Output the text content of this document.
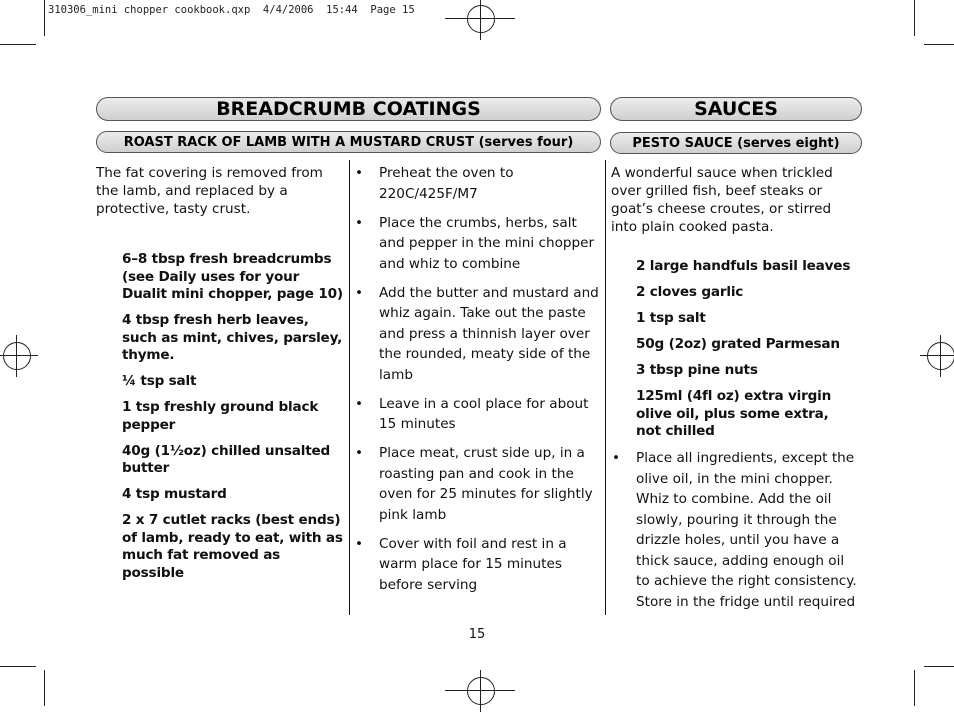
310306_mini chopper cookbook.qxp  4/4/2006  15:44  Page 15
BREADCRUMB COATINGS	SAUCES
ROAST RACK OF LAMB WITH A MUSTARD CRUST (serves four)	PESTO SAUCE (serves eight)
The fat covering is removed from the lamb, and replaced by a protective, tasty crust.
6–8 tbsp fresh breadcrumbs (see Daily uses for your Dualit mini chopper, page 10)
4 tbsp fresh herb leaves, such as mint, chives, parsley, thyme.
¼ tsp salt
1 tsp freshly ground black pepper
40g (1½oz) chilled unsalted butter
4 tsp mustard
2 x 7 cutlet racks (best ends) of lamb, ready to eat, with as much fat removed as possible
• Preheat the oven to 220C/425F/M7
• Place the crumbs, herbs, salt and pepper in the mini chopper and whiz to combine
• Add the butter and mustard and whiz again. Take out the paste and press a thinnish layer over the rounded, meaty side of the lamb
• Leave in a cool place for about 15 minutes
• Place meat, crust side up, in a roasting pan and cook in the oven for 25 minutes for slightly pink lamb
• Cover with foil and rest in a warm place for 15 minutes before serving
A wonderful sauce when trickled over grilled fish, beef steaks or goat’s cheese croutes, or stirred into plain cooked pasta.
2 large handfuls basil leaves
2 cloves garlic
1 tsp salt
50g (2oz) grated Parmesan
3 tbsp pine nuts
125ml (4fl oz) extra virgin olive oil, plus some extra, not chilled
• Place all ingredients, except the olive oil, in the mini chopper. Whiz to combine. Add the oil slowly, pouring it through the drizzle holes, until you have a thick sauce, adding enough oil to achieve the right consistency. Store in the fridge until required
15
